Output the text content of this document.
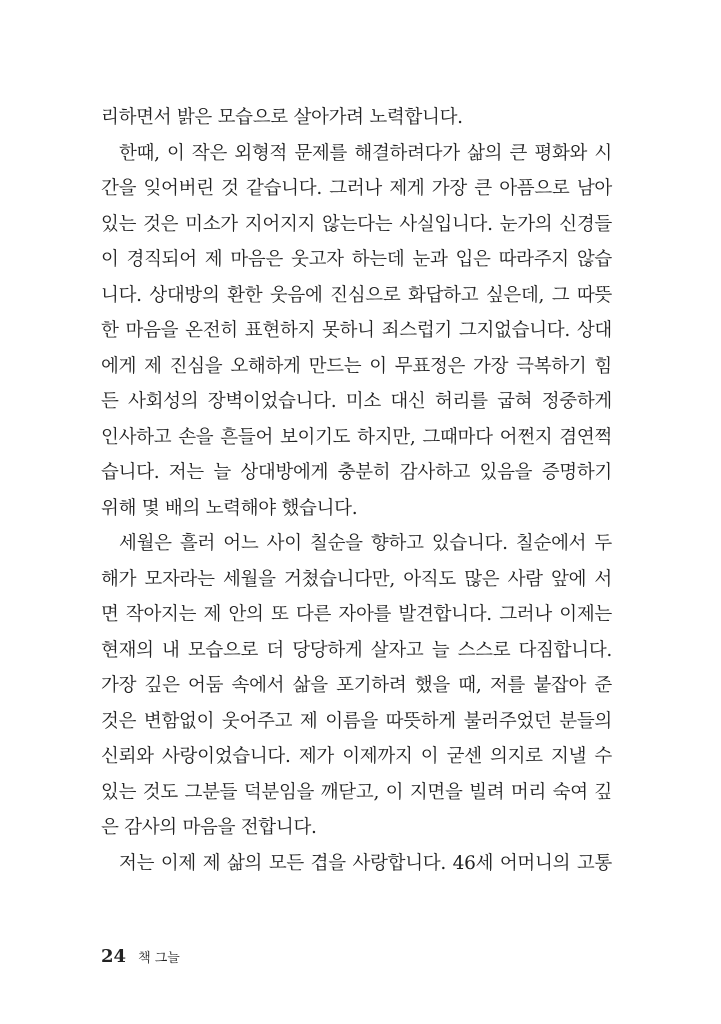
리하면서 밝은 모습으로 살아가려 노력합니다.
한때, 이 작은 외형적 문제를 해결하려다가 삶의 큰 평화와 시
간을 잊어버린 것 같습니다. 그러나 제게 가장 큰 아픔으로 남아
있는 것은 미소가 지어지지 않는다는 사실입니다. 눈가의 신경들
이 경직되어 제 마음은 웃고자 하는데 눈과 입은 따라주지 않습
니다. 상대방의 환한 웃음에 진심으로 화답하고 싶은데, 그 따뜻
한 마음을 온전히 표현하지 못하니 죄스럽기 그지없습니다. 상대
에게 제 진심을 오해하게 만드는 이 무표정은 가장 극복하기 힘
든 사회성의 장벽이었습니다. 미소 대신 허리를 굽혀 정중하게
인사하고 손을 흔들어 보이기도 하지만, 그때마다 어쩐지 겸연쩍
습니다. 저는 늘 상대방에게 충분히 감사하고 있음을 증명하기
위해 몇 배의 노력해야 했습니다.
세월은 흘러 어느 사이 칠순을 향하고 있습니다. 칠순에서 두
해가 모자라는 세월을 거쳤습니다만, 아직도 많은 사람 앞에 서
면 작아지는 제 안의 또 다른 자아를 발견합니다. 그러나 이제는
현재의 내 모습으로 더 당당하게 살자고 늘 스스로 다짐합니다.
가장 깊은 어둠 속에서 삶을 포기하려 했을 때, 저를 붙잡아 준
것은 변함없이 웃어주고 제 이름을 따뜻하게 불러주었던 분들의
신뢰와 사랑이었습니다. 제가 이제까지 이 굳센 의지로 지낼 수
있는 것도 그분들 덕분임을 깨닫고, 이 지면을 빌려 머리 숙여 깊
은 감사의 마음을 전합니다.
저는 이제 제 삶의 모든 겹을 사랑합니다. 46세 어머니의 고통
24 책 그늘
